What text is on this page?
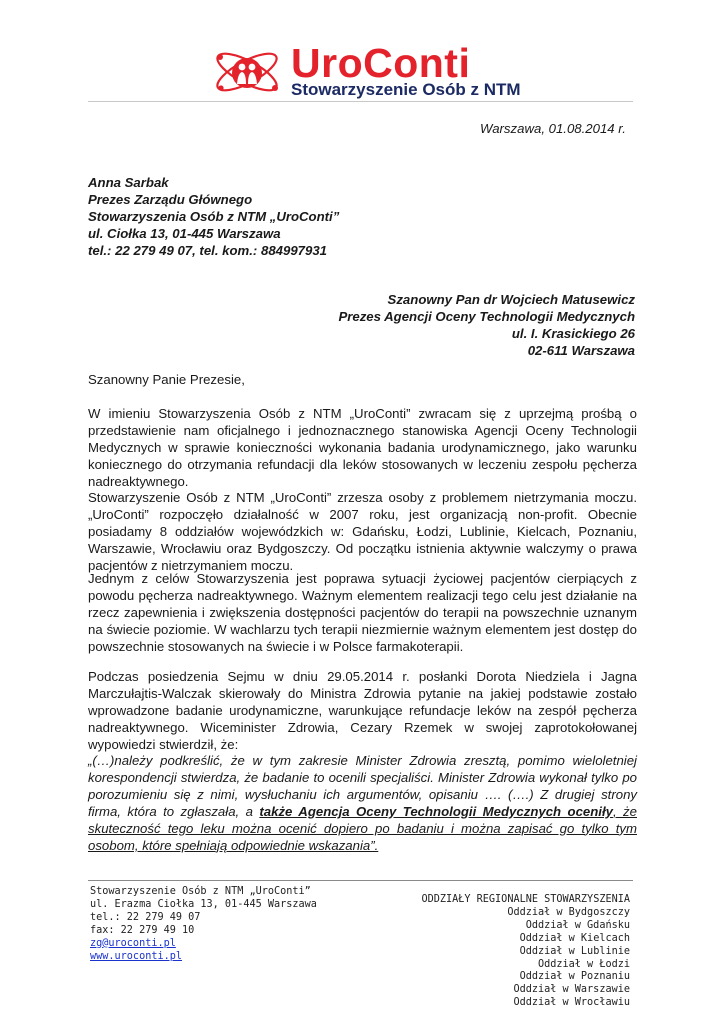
UroConti
Stowarzyszenie Osób z NTM
Warszawa, 01.08.2014 r.
Anna Sarbak
Prezes Zarządu Głównego
Stowarzyszenia Osób z NTM „UroConti”
ul. Ciołka 13, 01-445 Warszawa
tel.: 22 279 49 07, tel. kom.: 884997931
Szanowny Pan dr Wojciech Matusewicz
Prezes Agencji Oceny Technologii Medycznych
ul. I. Krasickiego 26
02-611 Warszawa
Szanowny Panie Prezesie,
W imieniu Stowarzyszenia Osób z NTM „UroConti” zwracam się z uprzejmą prośbą o przedstawienie nam oficjalnego i jednoznacznego stanowiska Agencji Oceny Technologii Medycznych w sprawie konieczności wykonania badania urodynamicznego, jako warunku koniecznego do otrzymania refundacji dla leków stosowanych w leczeniu zespołu pęcherza nadreaktywnego.
Stowarzyszenie Osób z NTM „UroConti” zrzesza osoby z problemem nietrzymania moczu. „UroConti” rozpoczęło działalność w 2007 roku, jest organizacją non-profit. Obecnie posiadamy 8 oddziałów wojewódzkich w: Gdańsku, Łodzi, Lublinie, Kielcach, Poznaniu, Warszawie, Wrocławiu oraz Bydgoszczy. Od początku istnienia aktywnie walczymy o prawa pacjentów z nietrzymaniem moczu.
Jednym z celów Stowarzyszenia jest poprawa sytuacji życiowej pacjentów cierpiących z powodu pęcherza nadreaktywnego. Ważnym elementem realizacji tego celu jest działanie na rzecz zapewnienia i zwiększenia dostępności pacjentów do terapii na powszechnie uznanym na świecie poziomie. W wachlarzu tych terapii niezmiernie ważnym elementem jest dostęp do powszechnie stosowanych na świecie i w Polsce farmakoterapii.
Podczas posiedzenia Sejmu w dniu 29.05.2014 r. posłanki Dorota Niedziela i Jagna Marczułajtis-Walczak skierowały do Ministra Zdrowia pytanie na jakiej podstawie zostało wprowadzone badanie urodynamiczne, warunkujące refundacje leków na zespół pęcherza nadreaktywnego. Wiceminister Zdrowia, Cezary Rzemek w swojej zaprotokołowanej wypowiedzi stwierdził, że:
„(…)należy podkreślić, że w tym zakresie Minister Zdrowia zresztą, pomimo wieloletniej korespondencji stwierdza, że badanie to ocenili specjaliści. Minister Zdrowia wykonał tylko po porozumieniu się z nimi, wysłuchaniu ich argumentów, opisaniu …. (….) Z drugiej strony firma, która to zgłaszała, a także Agencja Oceny Technologii Medycznych oceniły, że skuteczność tego leku można ocenić dopiero po badaniu i można zapisać go tylko tym osobom, które spełniają odpowiednie wskazania”.
Stowarzyszenie Osób z NTM „UroConti”
ul. Erazma Ciołka 13, 01-445 Warszawa
tel.: 22 279 49 07
fax: 22 279 49 10
zg@uroconti.pl
www.uroconti.pl
ODDZIAŁY REGIONALNE STOWARZYSZENIA
Oddział w Bydgoszczy
Oddział w Gdańsku
Oddział w Kielcach
Oddział w Lublinie
Oddział w Łodzi
Oddział w Poznaniu
Oddział w Warszawie
Oddział w Wrocławiu
